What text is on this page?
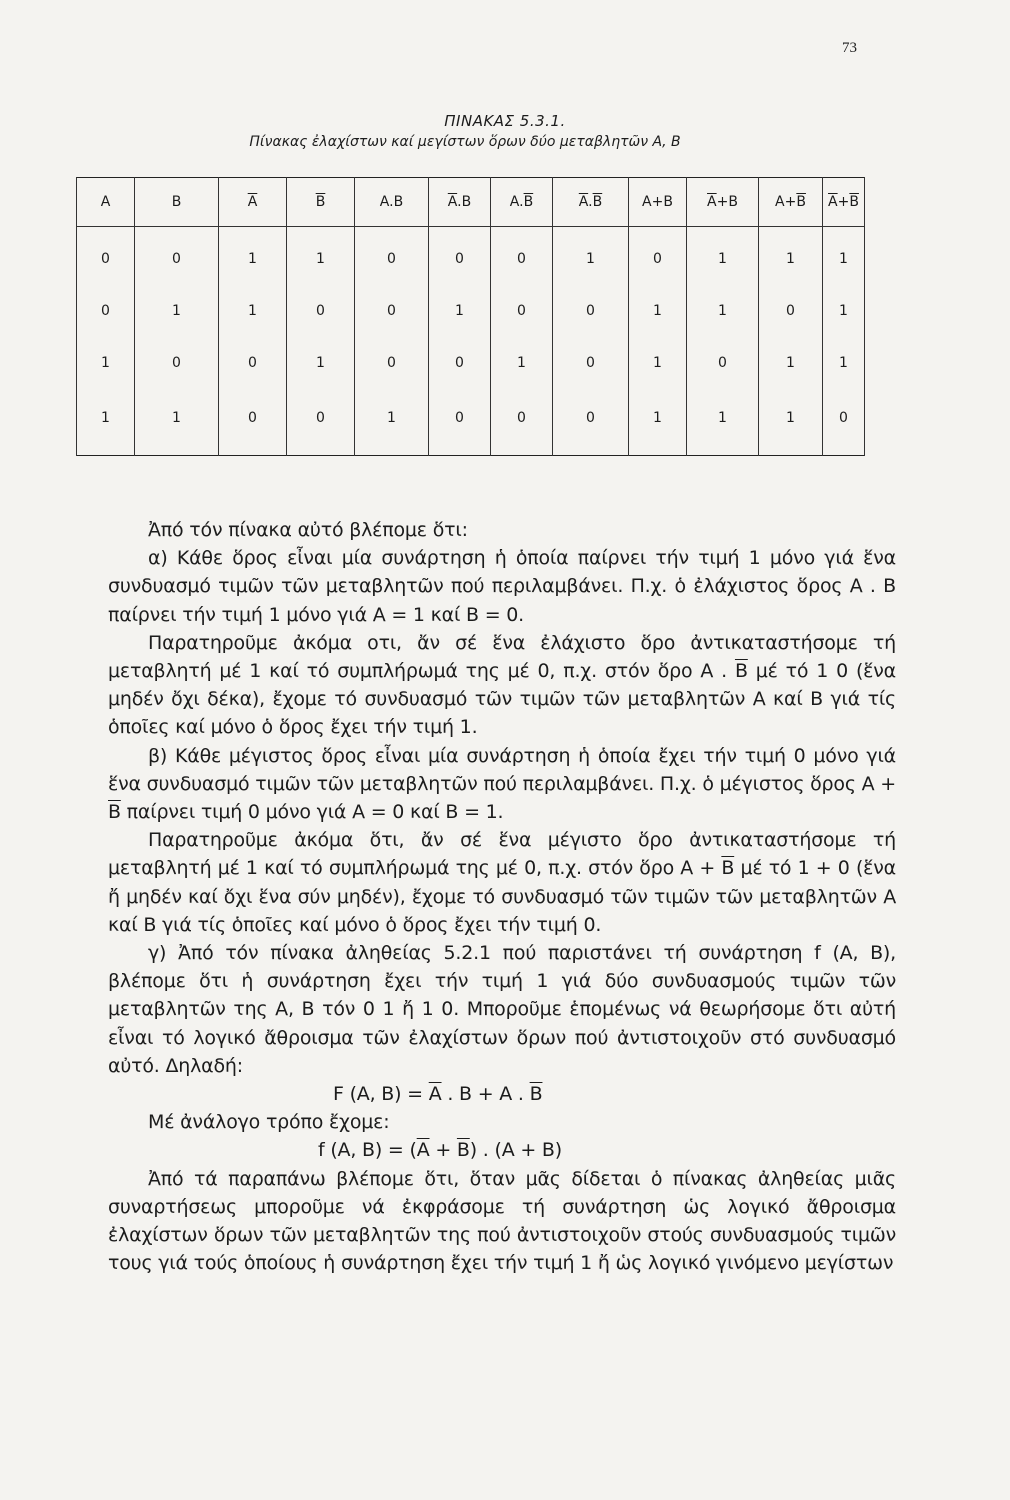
73
ΠΙΝΑΚΑΣ 5.3.1.
Πίνακας ἐλαχίστων καί μεγίστων ὅρων δύο μεταβλητῶν Α, Β
A	B	$\overline{A}$	$\overline{B}$	A.B	$\overline{A}.B$	$A.\overline{B}$	$\overline{A}.\overline{B}$	A+B	$\overline{A}+B$	$A+\overline{B}$	$\overline{A}+\overline{B}$
0	0	1	1	0	0	0	1	0	1	1	1
0	1	1	0	0	1	0	0	1	1	0	1
1	0	0	1	0	0	1	0	1	0	1	1
1	1	0	0	1	0	0	0	1	1	1	0

Ἀπό τόν πίνακα αὐτό βλέπομε ὅτι:

α) Κάθε ὅρος εἶναι μία συνάρτηση ἡ ὁποία παίρνει τήν τιμή 1 μόνο γιά ἕνα συνδυασμό τιμῶν τῶν μεταβλητῶν πού περιλαμβάνει. Π.χ. ὁ ἐλάχιστος ὅρος Α . Β παίρνει τήν τιμή 1 μόνο γιά Α = 1 καί Β = 0.

Παρατηροῦμε ἀκόμα οτι, ἄν σέ ἕνα ἐλάχιστο ὅρο ἀντικαταστήσομε τή μεταβλητή μέ 1 καί τό συμπλήρωμά της μέ 0, π.χ. στόν ὅρο Α . $\overline{B}$ μέ τό 1 0 (ἕνα μηδέν ὄχι δέκα), ἔχομε τό συνδυασμό τῶν τιμῶν τῶν μεταβλητῶν Α καί Β γιά τίς ὁποῖες καί μόνο ὁ ὅρος ἔχει τήν τιμή 1.

β) Κάθε μέγιστος ὅρος εἶναι μία συνάρτηση ἡ ὁποία ἔχει τήν τιμή 0 μόνο γιά ἕνα συνδυασμό τιμῶν τῶν μεταβλητῶν πού περιλαμβάνει. Π.χ. ὁ μέγιστος ὅρος $A + \overline{B}$ παίρνει τιμή 0 μόνο γιά Α = 0 καί Β = 1.

Παρατηροῦμε ἀκόμα ὅτι, ἄν σέ ἕνα μέγιστο ὅρο ἀντικαταστήσομε τή μεταβλητή μέ 1 καί τό συμπλήρωμά της μέ 0, π.χ. στόν ὅρο $A + \overline{B}$ μέ τό 1 + 0 (ἕνα ἤ μηδέν καί ὄχι ἕνα σύν μηδέν), ἔχομε τό συνδυασμό τῶν τιμῶν τῶν μεταβλητῶν Α καί Β γιά τίς ὁποῖες καί μόνο ὁ ὅρος ἔχει τήν τιμή 0.

γ) Ἀπό τόν πίνακα ἀληθείας 5.2.1 πού παριστάνει τή συνάρτηση f (A, B), βλέπομε ὅτι ἡ συνάρτηση ἔχει τήν τιμή 1 γιά δύο συνδυασμούς τιμῶν τῶν μεταβλητῶν της Α, Β τόν 0 1 ἤ 1 0. Μποροῦμε ἑπομένως νά θεωρήσομε ὅτι αὐτή εἶναι τό λογικό ἄθροισμα τῶν ἐλαχίστων ὅρων πού ἀντιστοιχοῦν στό συνδυασμό αὐτό. Δηλαδή:

F (A, $B) = \overline{A}$ . B + A . $\overline{B}$

Μέ ἀνάλογο τρόπο ἔχομε:

f (A, $B) = (\overline{A} + \overline{B})$ . (A + B)

Ἀπό τά παραπάνω βλέπομε ὅτι, ὅταν μᾶς δίδεται ὁ πίνακας ἀληθείας μιᾶς συναρτήσεως μποροῦμε νά ἐκφράσομε τή συνάρτηση ὡς λογικό ἄθροισμα ἐλαχίστων ὅρων τῶν μεταβλητῶν της πού ἀντιστοιχοῦν στούς συνδυασμούς τιμῶν τους γιά τούς ὁποίους ἡ συνάρτηση ἔχει τήν τιμή 1 ἤ ὡς λογικό γινόμενο μεγίστων
